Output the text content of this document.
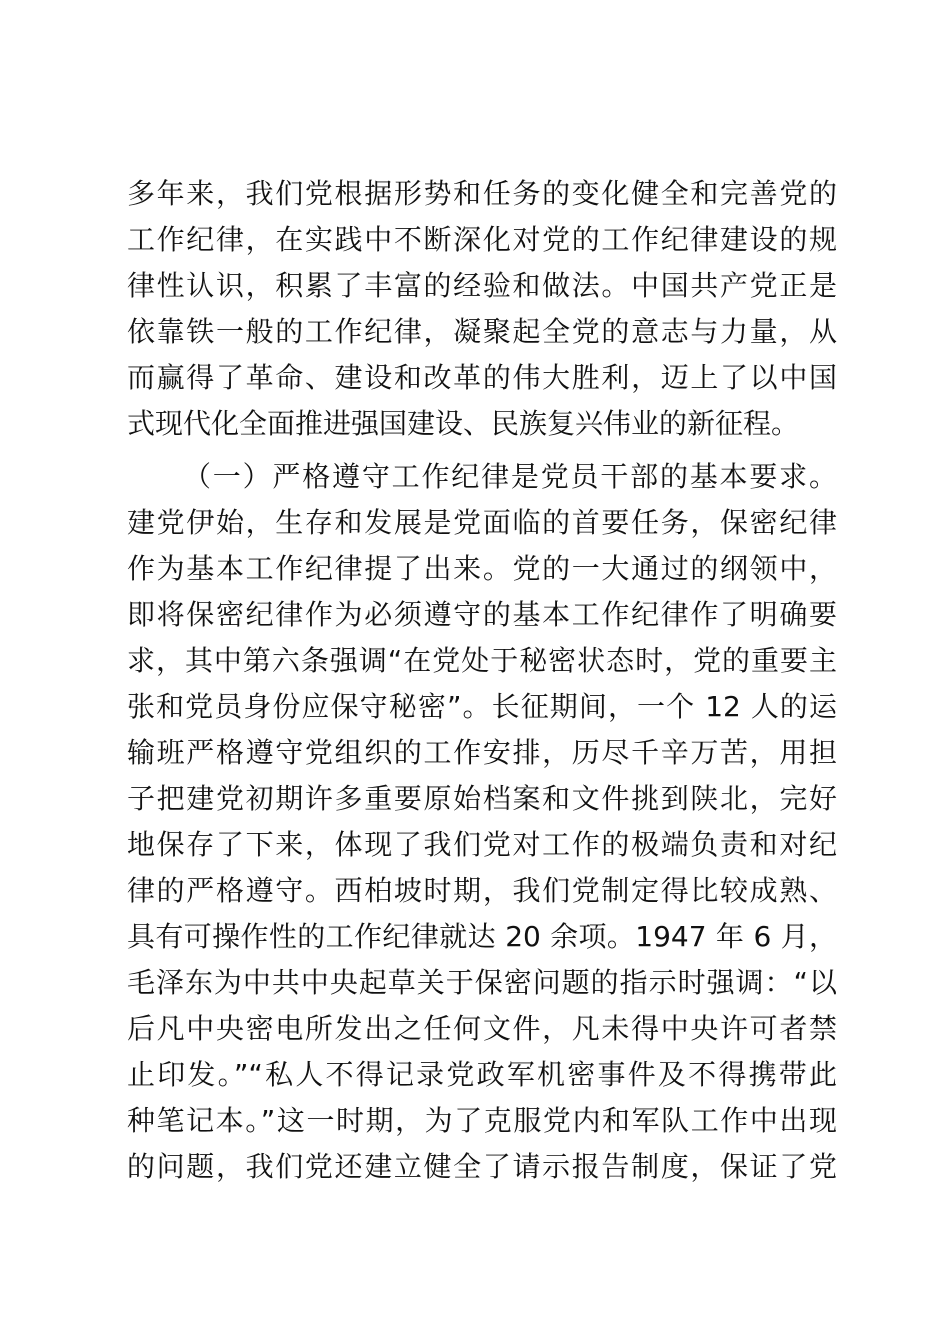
多年来，我们党根据形势和任务的变化健全和完善党的
工作纪律，在实践中不断深化对党的工作纪律建设的规
律性认识，积累了丰富的经验和做法。中国共产党正是
依靠铁一般的工作纪律，凝聚起全党的意志与力量，从
而赢得了革命、建设和改革的伟大胜利，迈上了以中国
式现代化全面推进强国建设、民族复兴伟业的新征程。
（一）严格遵守工作纪律是党员干部的基本要求。
建党伊始，生存和发展是党面临的首要任务，保密纪律
作为基本工作纪律提了出来。党的一大通过的纲领中，
即将保密纪律作为必须遵守的基本工作纪律作了明确要
求，其中第六条强调“在党处于秘密状态时，党的重要主
张和党员身份应保守秘密”。长征期间，一个 12 人的运
输班严格遵守党组织的工作安排，历尽千辛万苦，用担
子把建党初期许多重要原始档案和文件挑到陕北，完好
地保存了下来，体现了我们党对工作的极端负责和对纪
律的严格遵守。西柏坡时期，我们党制定得比较成熟、
具有可操作性的工作纪律就达 20 余项。1947 年 6 月，
毛泽东为中共中央起草关于保密问题的指示时强调：“以
后凡中央密电所发出之任何文件，凡未得中央许可者禁
止印发。”“私人不得记录党政军机密事件及不得携带此
种笔记本。”这一时期，为了克服党内和军队工作中出现
的问题，我们党还建立健全了请示报告制度，保证了党
